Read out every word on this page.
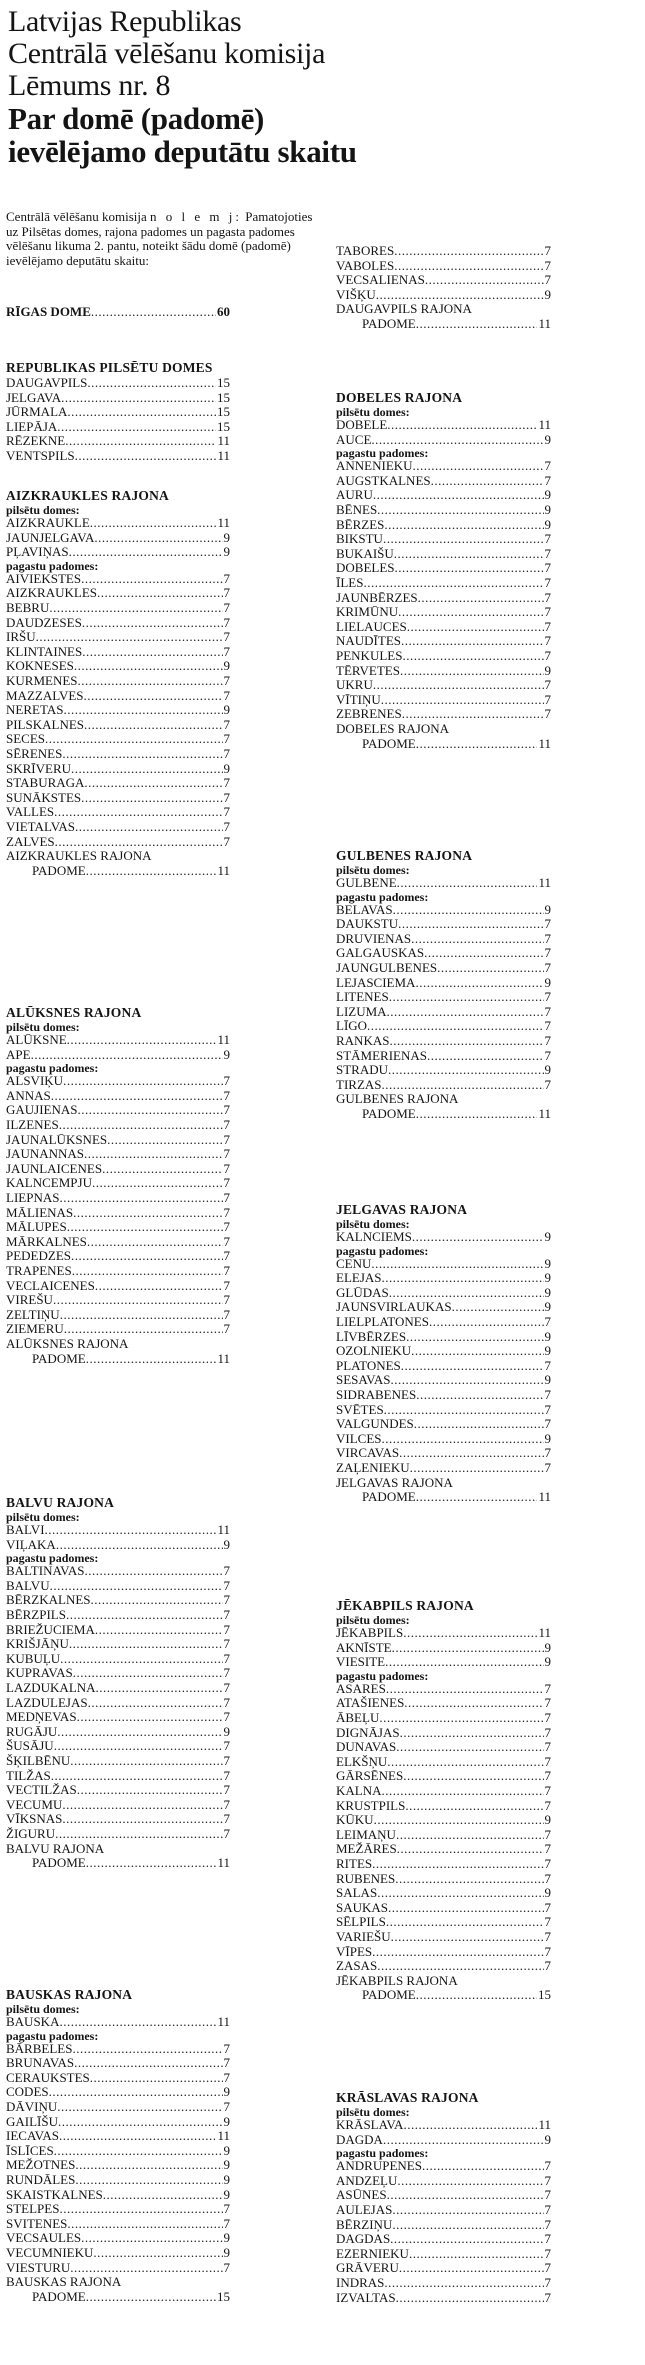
Latvijas Republikas
Centrālā vēlēšanu komisija
Lēmums nr. 8
Par domē (padomē)
ievēlējamo deputātu skaitu
Centrālā vēlēšanu komisija n o l e m j: Pamatojoties uz Pilsētas domes, rajona padomes un pagasta padomes vēlēšanu likuma 2. pantu, noteikt šādu domē (padomē) ievēlējamo deputātu skaitu:
RĪGAS DOME .....	60
REPUBLIKAS PILSĒTU DOMES
DAUGAVPILS .....	15
JELGAVA .....	15
JŪRMALA .....	15
LIEPĀJA .....	15
RĒZEKNE .....	11
VENTSPILS .....	11
AIZKRAUKLES RAJONA
pilsētu domes:
AIZKRAUKLE .....	11
JAUNJELGAVA .....	9
PĻAVIŅAS .....	9
pagastu padomes:
AIVIEKSTES .....	7
AIZKRAUKLES .....	7
BEBRU .....	7
DAUDZESES .....	7
IRŠU .....	7
KLINTAINES .....	7
KOKNESES .....	9
KURMENES .....	7
MAZZALVES .....	7
NERETAS .....	9
PILSKALNES .....	7
SECES .....	7
SĒRENES .....	7
SKRĪVERU .....	9
STABURAGA .....	7
SUNĀKSTES .....	7
VALLES .....	7
VIETALVAS .....	7
ZALVES .....	7
AIZKRAUKLES RAJONA
PADOME .....	11
ALŪKSNES RAJONA
pilsētu domes:
ALŪKSNE .....	11
APE .....	9
pagastu padomes:
ALSVIĶU .....	7
ANNAS .....	7
GAUJIENAS .....	7
ILZENES .....	7
JAUNALŪKSNES .....	7
JAUNANNAS .....	7
JAUNLAICENES .....	7
KALNCEMPJU .....	7
LIEPNAS .....	7
MĀLIENAS .....	7
MĀLUPES .....	7
MĀRKALNES .....	7
PEDEDZES .....	7
TRAPENES .....	7
VECLAICENES .....	7
VIREŠU .....	7
ZELTIŅU .....	7
ZIEMERU .....	7
ALŪKSNES RAJONA
PADOME .....	11
BALVU RAJONA
pilsētu domes:
BALVI .....	11
VIĻAKA .....	9
pagastu padomes:
BALTINAVAS .....	7
BALVU .....	7
BĒRZKALNES .....	7
BĒRZPILS .....	7
BRIEŽUCIEMA .....	7
KRIŠJĀŅU .....	7
KUBUĻU .....	7
KUPRAVAS .....	7
LAZDUKALNA .....	7
LAZDULEJAS .....	7
MEDŅEVAS .....	7
RUGĀJU .....	9
ŠUSĀJU .....	7
ŠĶILBĒNU .....	7
TILŽAS .....	7
VECTILŽAS .....	7
VECUMU .....	7
VĪKSNAS .....	7
ŽIGURU .....	7
BALVU RAJONA
PADOME .....	11
BAUSKAS RAJONA
pilsētu domes:
BAUSKA .....	11
pagastu padomes:
BĀRBELES .....	7
BRUNAVAS .....	7
CERAUKSTES .....	7
CODES .....	9
DĀVIŅU .....	7
GAILĪŠU .....	9
IECAVAS .....	11
ĪSLĪCES .....	9
MEŽOTNES .....	9
RUNDĀLES .....	9
SKAISTKALNES .....	9
STELPES .....	7
SVITENES .....	7
VECSAULES .....	9
VECUMNIEKU .....	9
VIESTURU .....	7
BAUSKAS RAJONA
PADOME .....	15
TABORES .....	7
VABOLES .....	7
VECSALIENAS .....	7
VIŠĶU .....	9
DAUGAVPILS RAJONA
PADOME .....	11
DOBELES RAJONA
pilsētu domes:
DOBELE .....	11
AUCE .....	9
pagastu padomes:
ANNENIEKU .....	7
AUGSTKALNES .....	7
AURU .....	9
BĒNES .....	9
BĒRZES .....	9
BIKSTU .....	7
BUKAIŠU .....	7
DOBELES .....	7
ĪLES .....	7
JAUNBĒRZES .....	7
KRIMŪNU .....	7
LIELAUCES .....	7
NAUDĪTES .....	7
PENKULES .....	7
TĒRVETES .....	9
UKRU .....	7
VĪTIŅU .....	7
ZEBRENES .....	7
DOBELES RAJONA
PADOME .....	11
GULBENES RAJONA
pilsētu domes:
GULBENE .....	11
pagastu padomes:
BELAVAS .....	9
DAUKSTU .....	7
DRUVIENAS .....	7
GALGAUSKAS .....	7
JAUNGULBENES .....	7
LEJASCIEMA .....	9
LITENES .....	7
LIZUMA .....	7
LĪGO .....	7
RANKAS .....	7
STĀMERIENAS .....	7
STRADU .....	9
TIRZAS .....	7
GULBENES RAJONA
PADOME .....	11
JELGAVAS RAJONA
pilsētu domes:
KALNCIEMS .....	9
pagastu padomes:
CENU .....	9
ELEJAS .....	9
GLŪDAS .....	9
JAUNSVIRLAUKAS .....	9
LIELPLATONES .....	7
LĪVBĒRZES .....	9
OZOLNIEKU .....	9
PLATONES .....	7
SESAVAS .....	9
SIDRABENES .....	7
SVĒTES .....	7
VALGUNDES .....	7
VILCES .....	9
VIRCAVAS .....	7
ZAĻENIEKU .....	7
JELGAVAS RAJONA
PADOME .....	11
JĒKABPILS RAJONA
pilsētu domes:
JĒKABPILS .....	11
AKNĪSTE .....	9
VIESITE .....	9
pagastu padomes:
ASARES .....	7
ATAŠIENES .....	7
ĀBEĻU .....	7
DIGNĀJAS .....	7
DUNAVAS .....	7
ELKŠŅU .....	7
GĀRSĒNES .....	7
KALNA .....	7
KRUSTPILS .....	7
KŪKU .....	9
LEIMAŅU .....	7
MEŽĀRES .....	7
RITES .....	7
RUBENES .....	7
SALAS .....	9
SAUKAS .....	7
SĒLPILS .....	7
VARIEŠU .....	7
VĪPES .....	7
ZASAS .....	7
JĒKABPILS RAJONA
PADOME .....	15
KRĀSLAVAS RAJONA
pilsētu domes:
KRĀSLAVA .....	11
DAGDA .....	9
pagastu padomes:
ANDRUPENES .....	7
ANDZEĻU .....	7
ASŪNES .....	7
AULEJAS .....	7
BĒRZIŅU .....	7
DAGDAS .....	7
EZERNIEKU .....	7
GRĀVERU .....	7
INDRAS .....	7
IZVALTAS .....	7
